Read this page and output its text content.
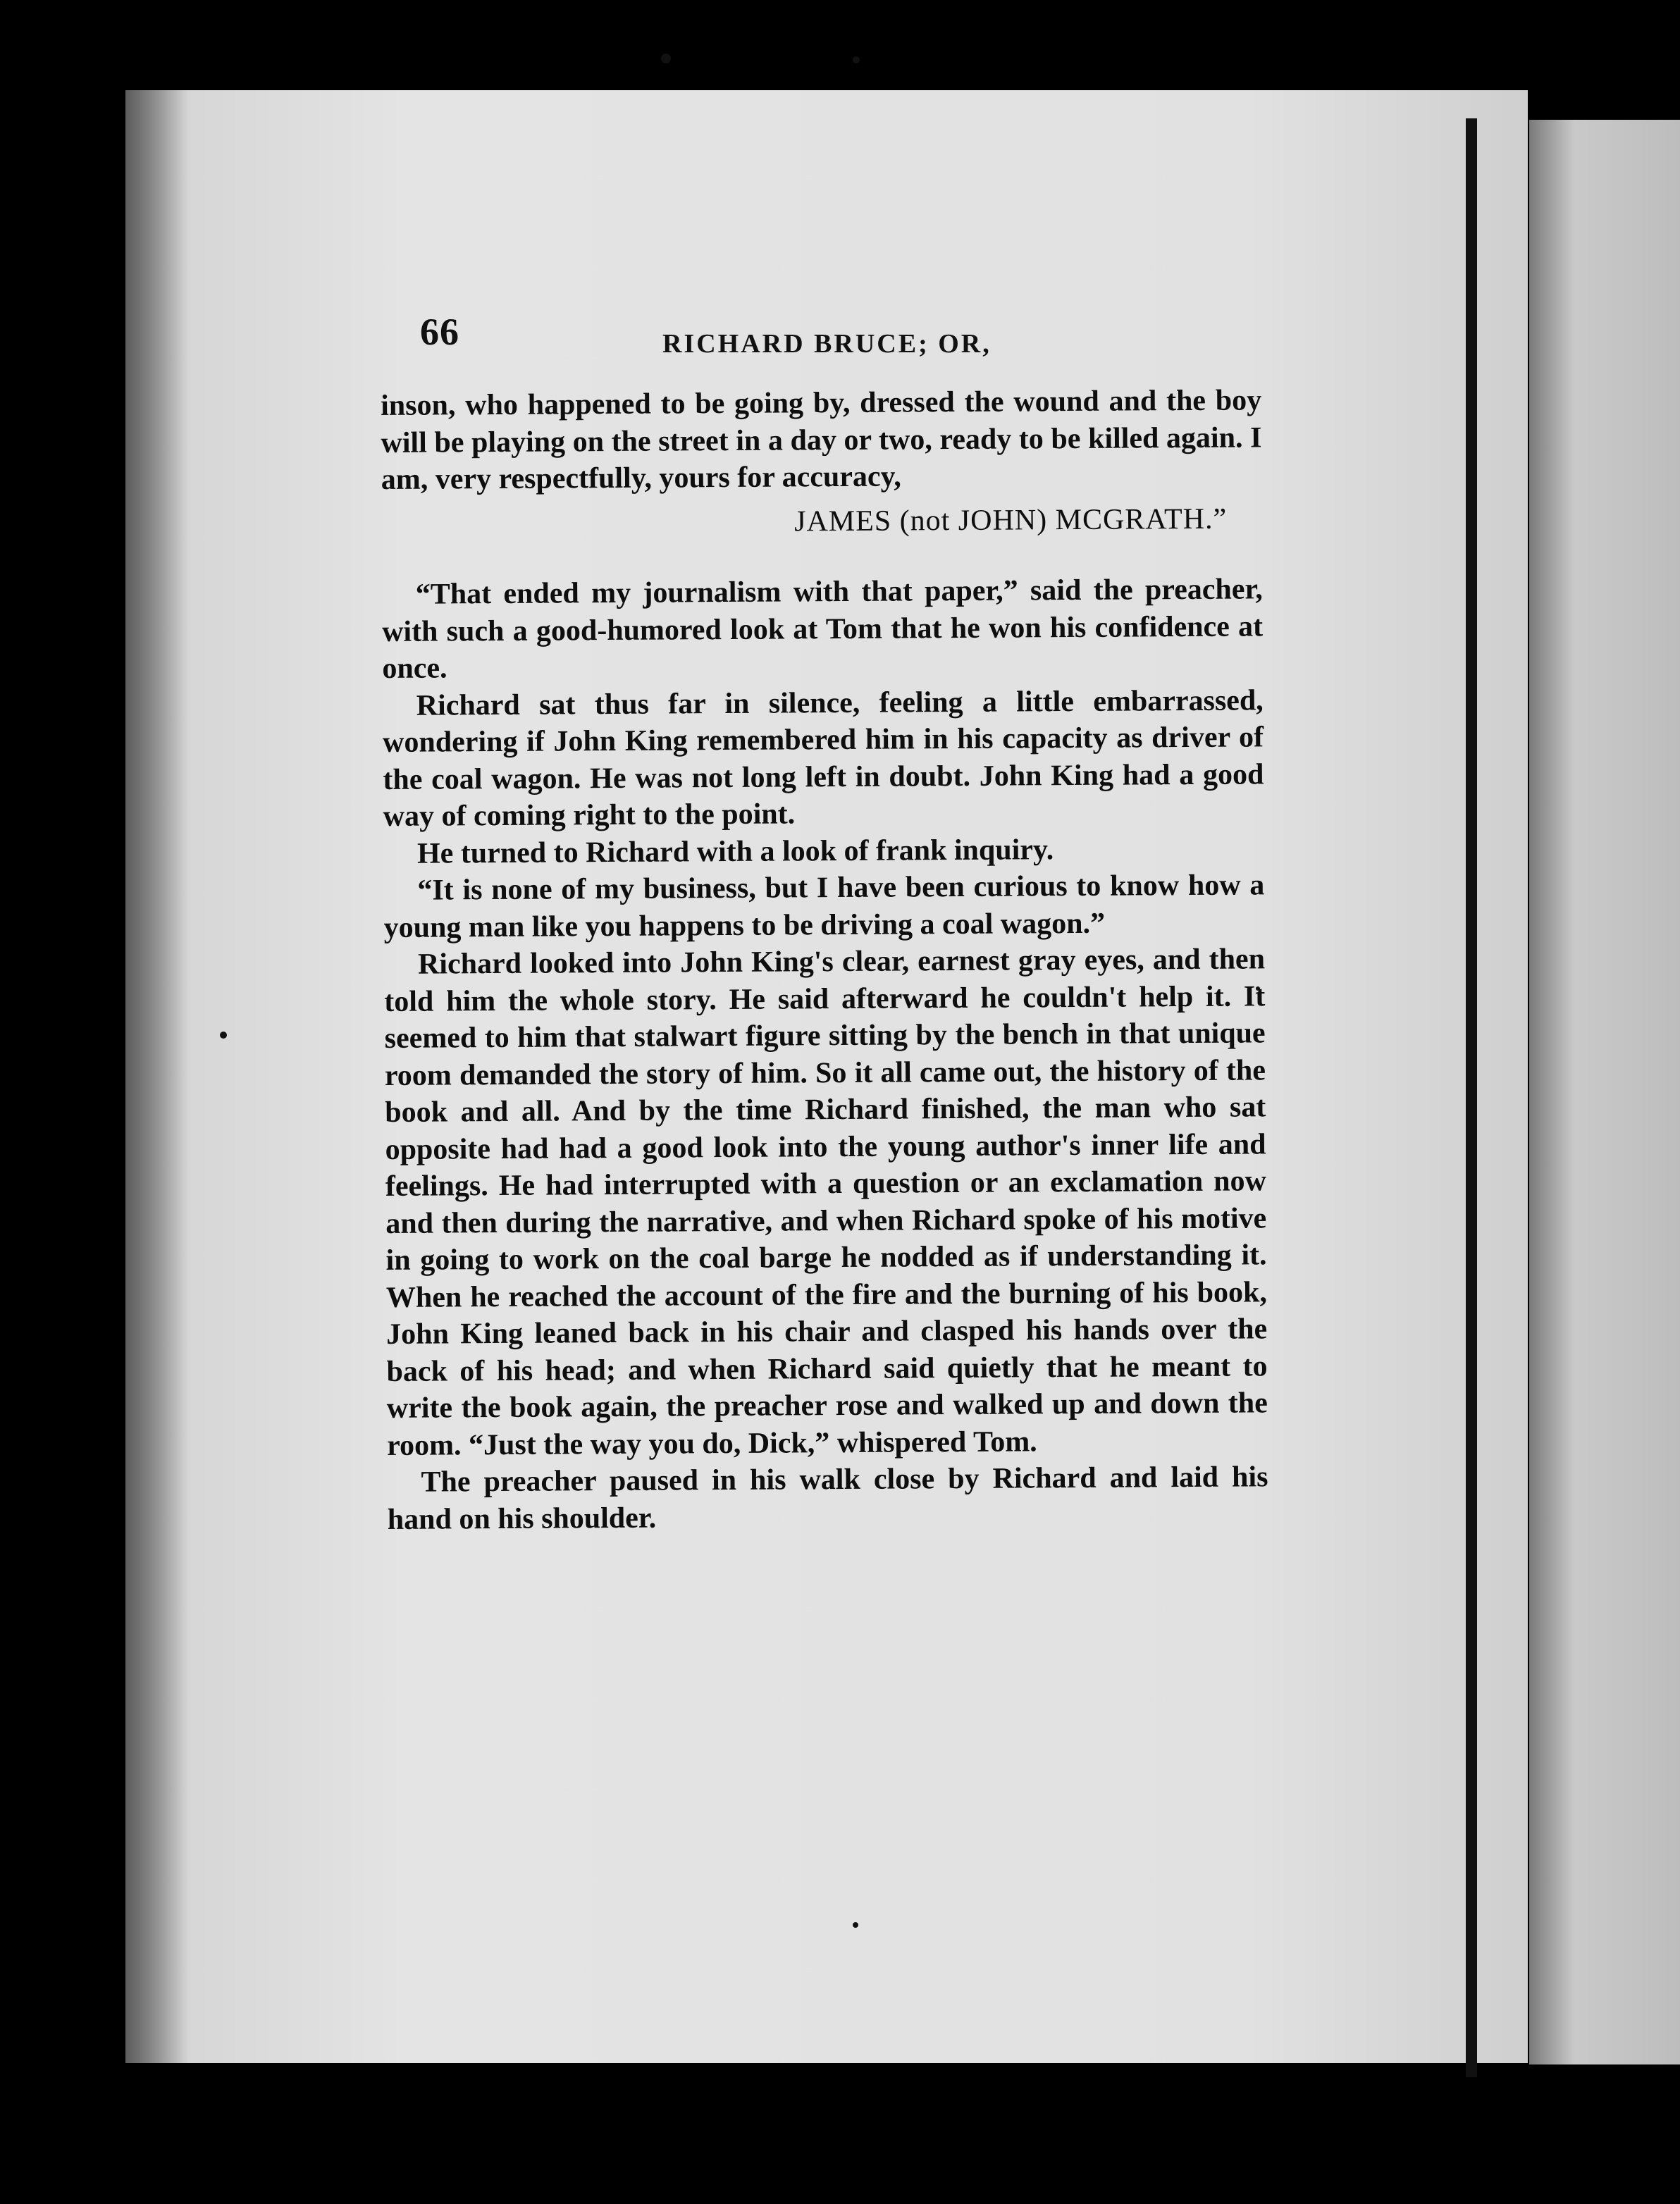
66	RICHARD BRUCE; OR,

inson, who happened to be going by, dressed the wound and the boy will be playing on the street in a day or two, ready to be killed again. I am, very respectfully, yours for accuracy,

JAMES (not JOHN) MCGRATH.”

“That ended my journalism with that paper,” said the preacher, with such a good-humored look at Tom that he won his confidence at once.

Richard sat thus far in silence, feeling a little embarrassed, wondering if John King remembered him in his capacity as driver of the coal wagon. He was not long left in doubt. John King had a good way of coming right to the point.

He turned to Richard with a look of frank inquiry.

“It is none of my business, but I have been curious to know how a young man like you happens to be driving a coal wagon.”

Richard looked into John King's clear, earnest gray eyes, and then told him the whole story. He said afterward he couldn't help it. It seemed to him that stalwart figure sitting by the bench in that unique room demanded the story of him. So it all came out, the history of the book and all. And by the time Richard finished, the man who sat opposite had had a good look into the young author's inner life and feelings. He had interrupted with a question or an exclamation now and then during the narrative, and when Richard spoke of his motive in going to work on the coal barge he nodded as if understanding it. When he reached the account of the fire and the burning of his book, John King leaned back in his chair and clasped his hands over the back of his head; and when Richard said quietly that he meant to write the book again, the preacher rose and walked up and down the room. “Just the way you do, Dick,” whispered Tom.

The preacher paused in his walk close by Richard and laid his hand on his shoulder.
